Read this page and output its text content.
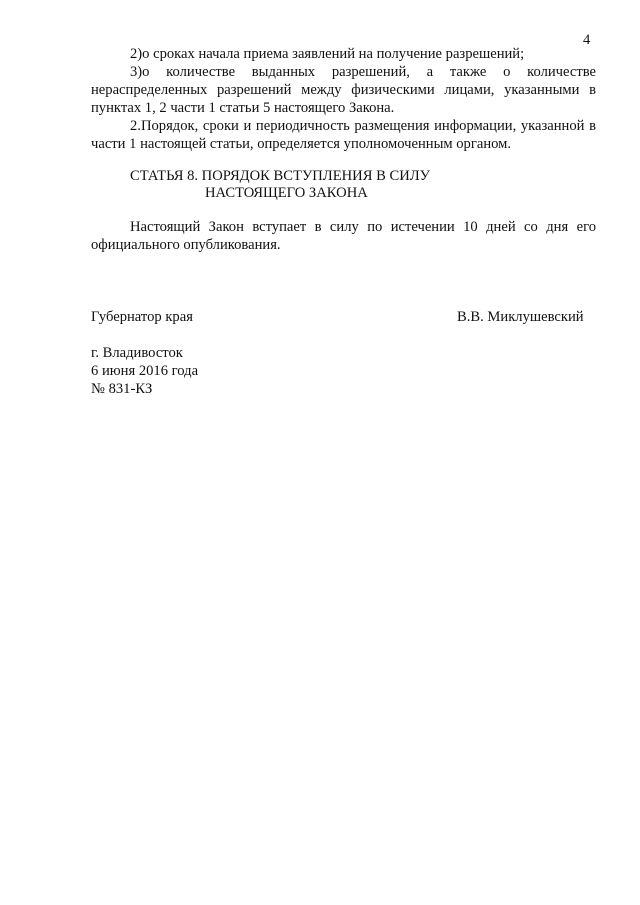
4

2)о сроках начала приема заявлений на получение разрешений;

3)о количестве выданных разрешений, а также о количестве нераспределенных разрешений между физическими лицами, указанными в пунктах 1, 2 части 1 статьи 5 настоящего Закона.

2.Порядок, сроки и периодичность размещения информации, указанной в части 1 настоящей статьи, определяется уполномоченным органом.

СТАТЬЯ 8. ПОРЯДОК ВСТУПЛЕНИЯ В СИЛУ
НАСТОЯЩЕГО ЗАКОНА

Настоящий Закон вступает в силу по истечении 10 дней со дня его официального опубликования.

Губернатор края	В.В. Миклушевский
г. Владивосток
6 июня 2016 года
№ 831-КЗ
